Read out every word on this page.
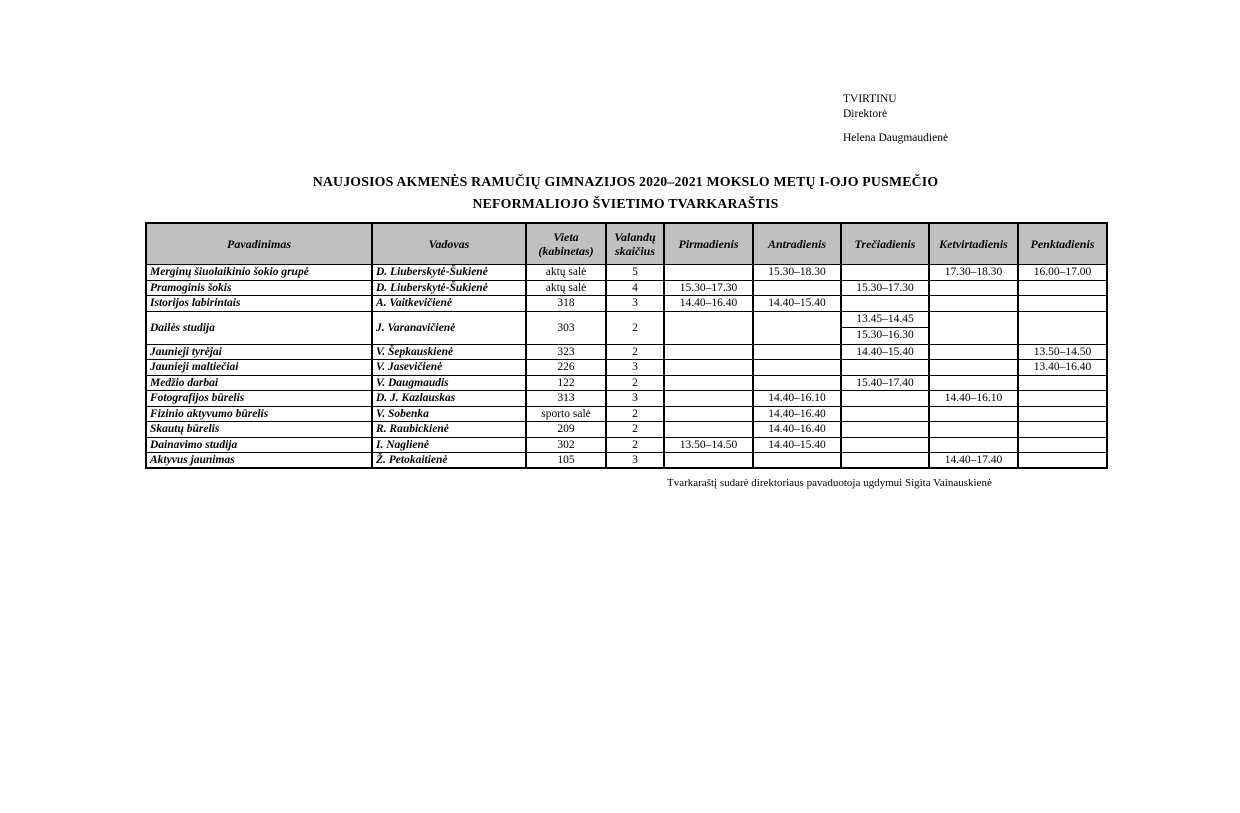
TVIRTINU
Direktorė
Helena Daugmaudienė
NAUJOSIOS AKMENĖS RAMUČIŲ GIMNAZIJOS 2020–2021 MOKSLO METŲ I-OJO PUSMEČIO
NEFORMALIOJO ŠVIETIMO TVARKARAŠTIS
Pavadinimas	Vadovas	Vieta (kabinetas)	Valandų skaičius	Pirmadienis	Antradienis	Trečiadienis	Ketvirtadienis	Penktadienis
Merginų šiuolaikinio šokio grupė	D. Liuberskytė-Šukienė	aktų salė	5		15.30–18.30		17.30–18.30	16.00–17.00
Pramoginis šokis	D. Liuberskytė-Šukienė	aktų salė	4	15.30–17.30		15.30–17.30		
Istorijos labirintais	A. Vaitkevičienė	318	3	14.40–16.40	14.40–15.40			
Dailės studija	J. Varanavičienė	303	2			13.45–14.45
15.30–16.30		

Jaunieji tyrėjai	V. Šepkauskienė	323	2			14.40–15.40		13.50–14.50
Jaunieji maltiečiai	V. Jasevičienė	226	3					13.40–16.40
Medžio darbai	V. Daugmaudis	122	2			15.40–17.40		
Fotografijos būrelis	D. J. Kazlauskas	313	3		14.40–16.10		14.40–16.10	
Fizinio aktyvumo būrelis	V. Sobenka	sporto salė	2		14.40–16.40			
Skautų būrelis	R. Raubickienė	209	2		14.40–16.40			
Dainavimo studija	I. Naglienė	302	2	13.50–14.50	14.40–15.40			
Aktyvus jaunimas	Ž. Petokaitienė	105	3				14.40–17.40	
Tvarkaraštį sudarė direktoriaus pavaduotoja ugdymui Sigita Vainauskienė
